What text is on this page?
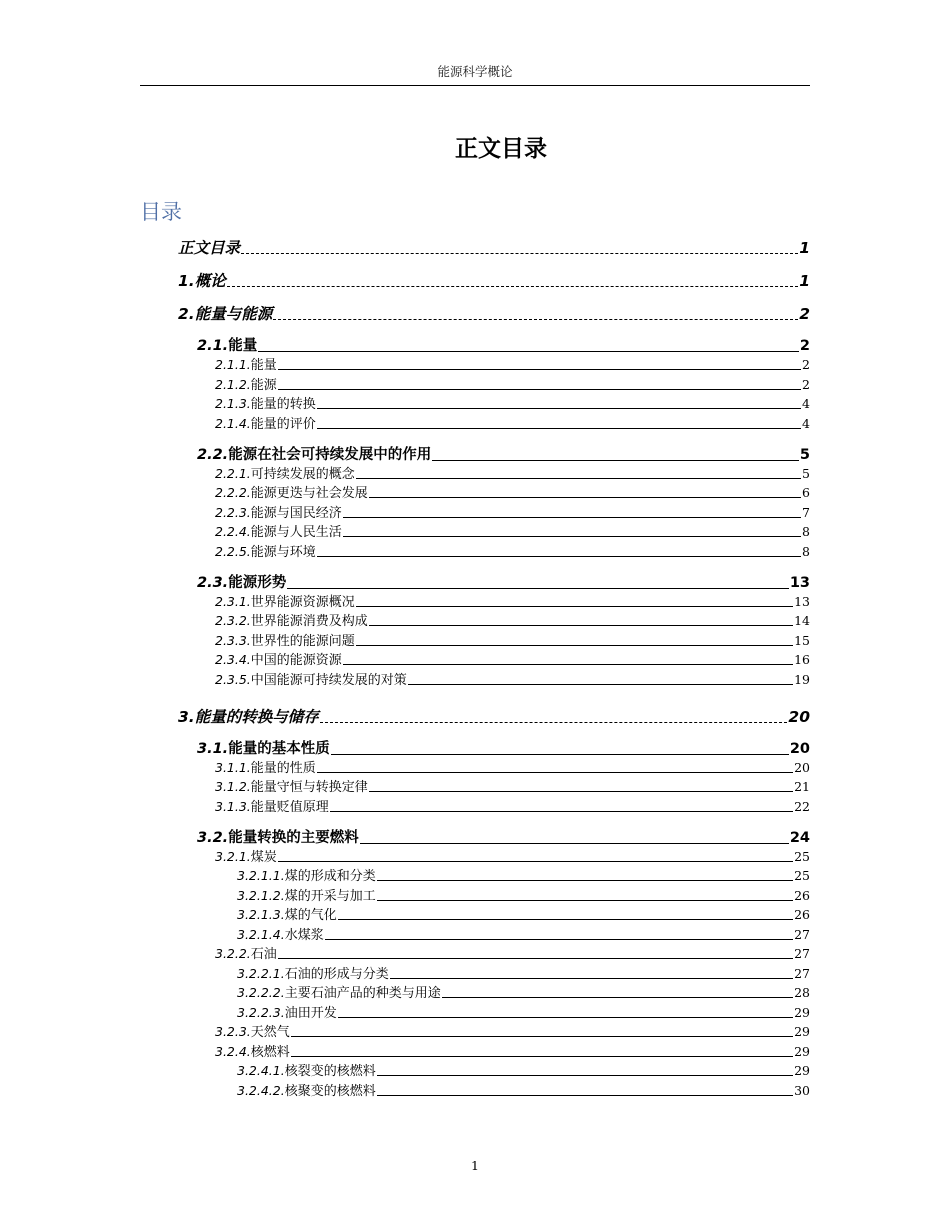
能源科学概论
正文目录
目录
正文目录	1
1. 概论	1
2. 能量与能源	2
2.1. 能量	2
2.1.1. 能量	2
2.1.2. 能源	2
2.1.3. 能量的转换	4
2.1.4. 能量的评价	4
2.2. 能源在社会可持续发展中的作用	5
2.2.1. 可持续发展的概念	5
2.2.2. 能源更迭与社会发展	6
2.2.3. 能源与国民经济	7
2.2.4. 能源与人民生活	8
2.2.5. 能源与环境	8
2.3. 能源形势	13
2.3.1. 世界能源资源概况	13
2.3.2. 世界能源消费及构成	14
2.3.3. 世界性的能源问题	15
2.3.4. 中国的能源资源	16
2.3.5. 中国能源可持续发展的对策	19
3. 能量的转换与储存	20
3.1. 能量的基本性质	20
3.1.1. 能量的性质	20
3.1.2. 能量守恒与转换定律	21
3.1.3. 能量贬值原理	22
3.2. 能量转换的主要燃料	24
3.2.1. 煤炭	25
3.2.1.1. 煤的形成和分类	25
3.2.1.2. 煤的开采与加工	26
3.2.1.3. 煤的气化	26
3.2.1.4. 水煤浆	27
3.2.2. 石油	27
3.2.2.1. 石油的形成与分类	27
3.2.2.2. 主要石油产品的种类与用途	28
3.2.2.3. 油田开发	29
3.2.3. 天然气	29
3.2.4. 核燃料	29
3.2.4.1. 核裂变的核燃料	29
3.2.4.2. 核聚变的核燃料	30
1
